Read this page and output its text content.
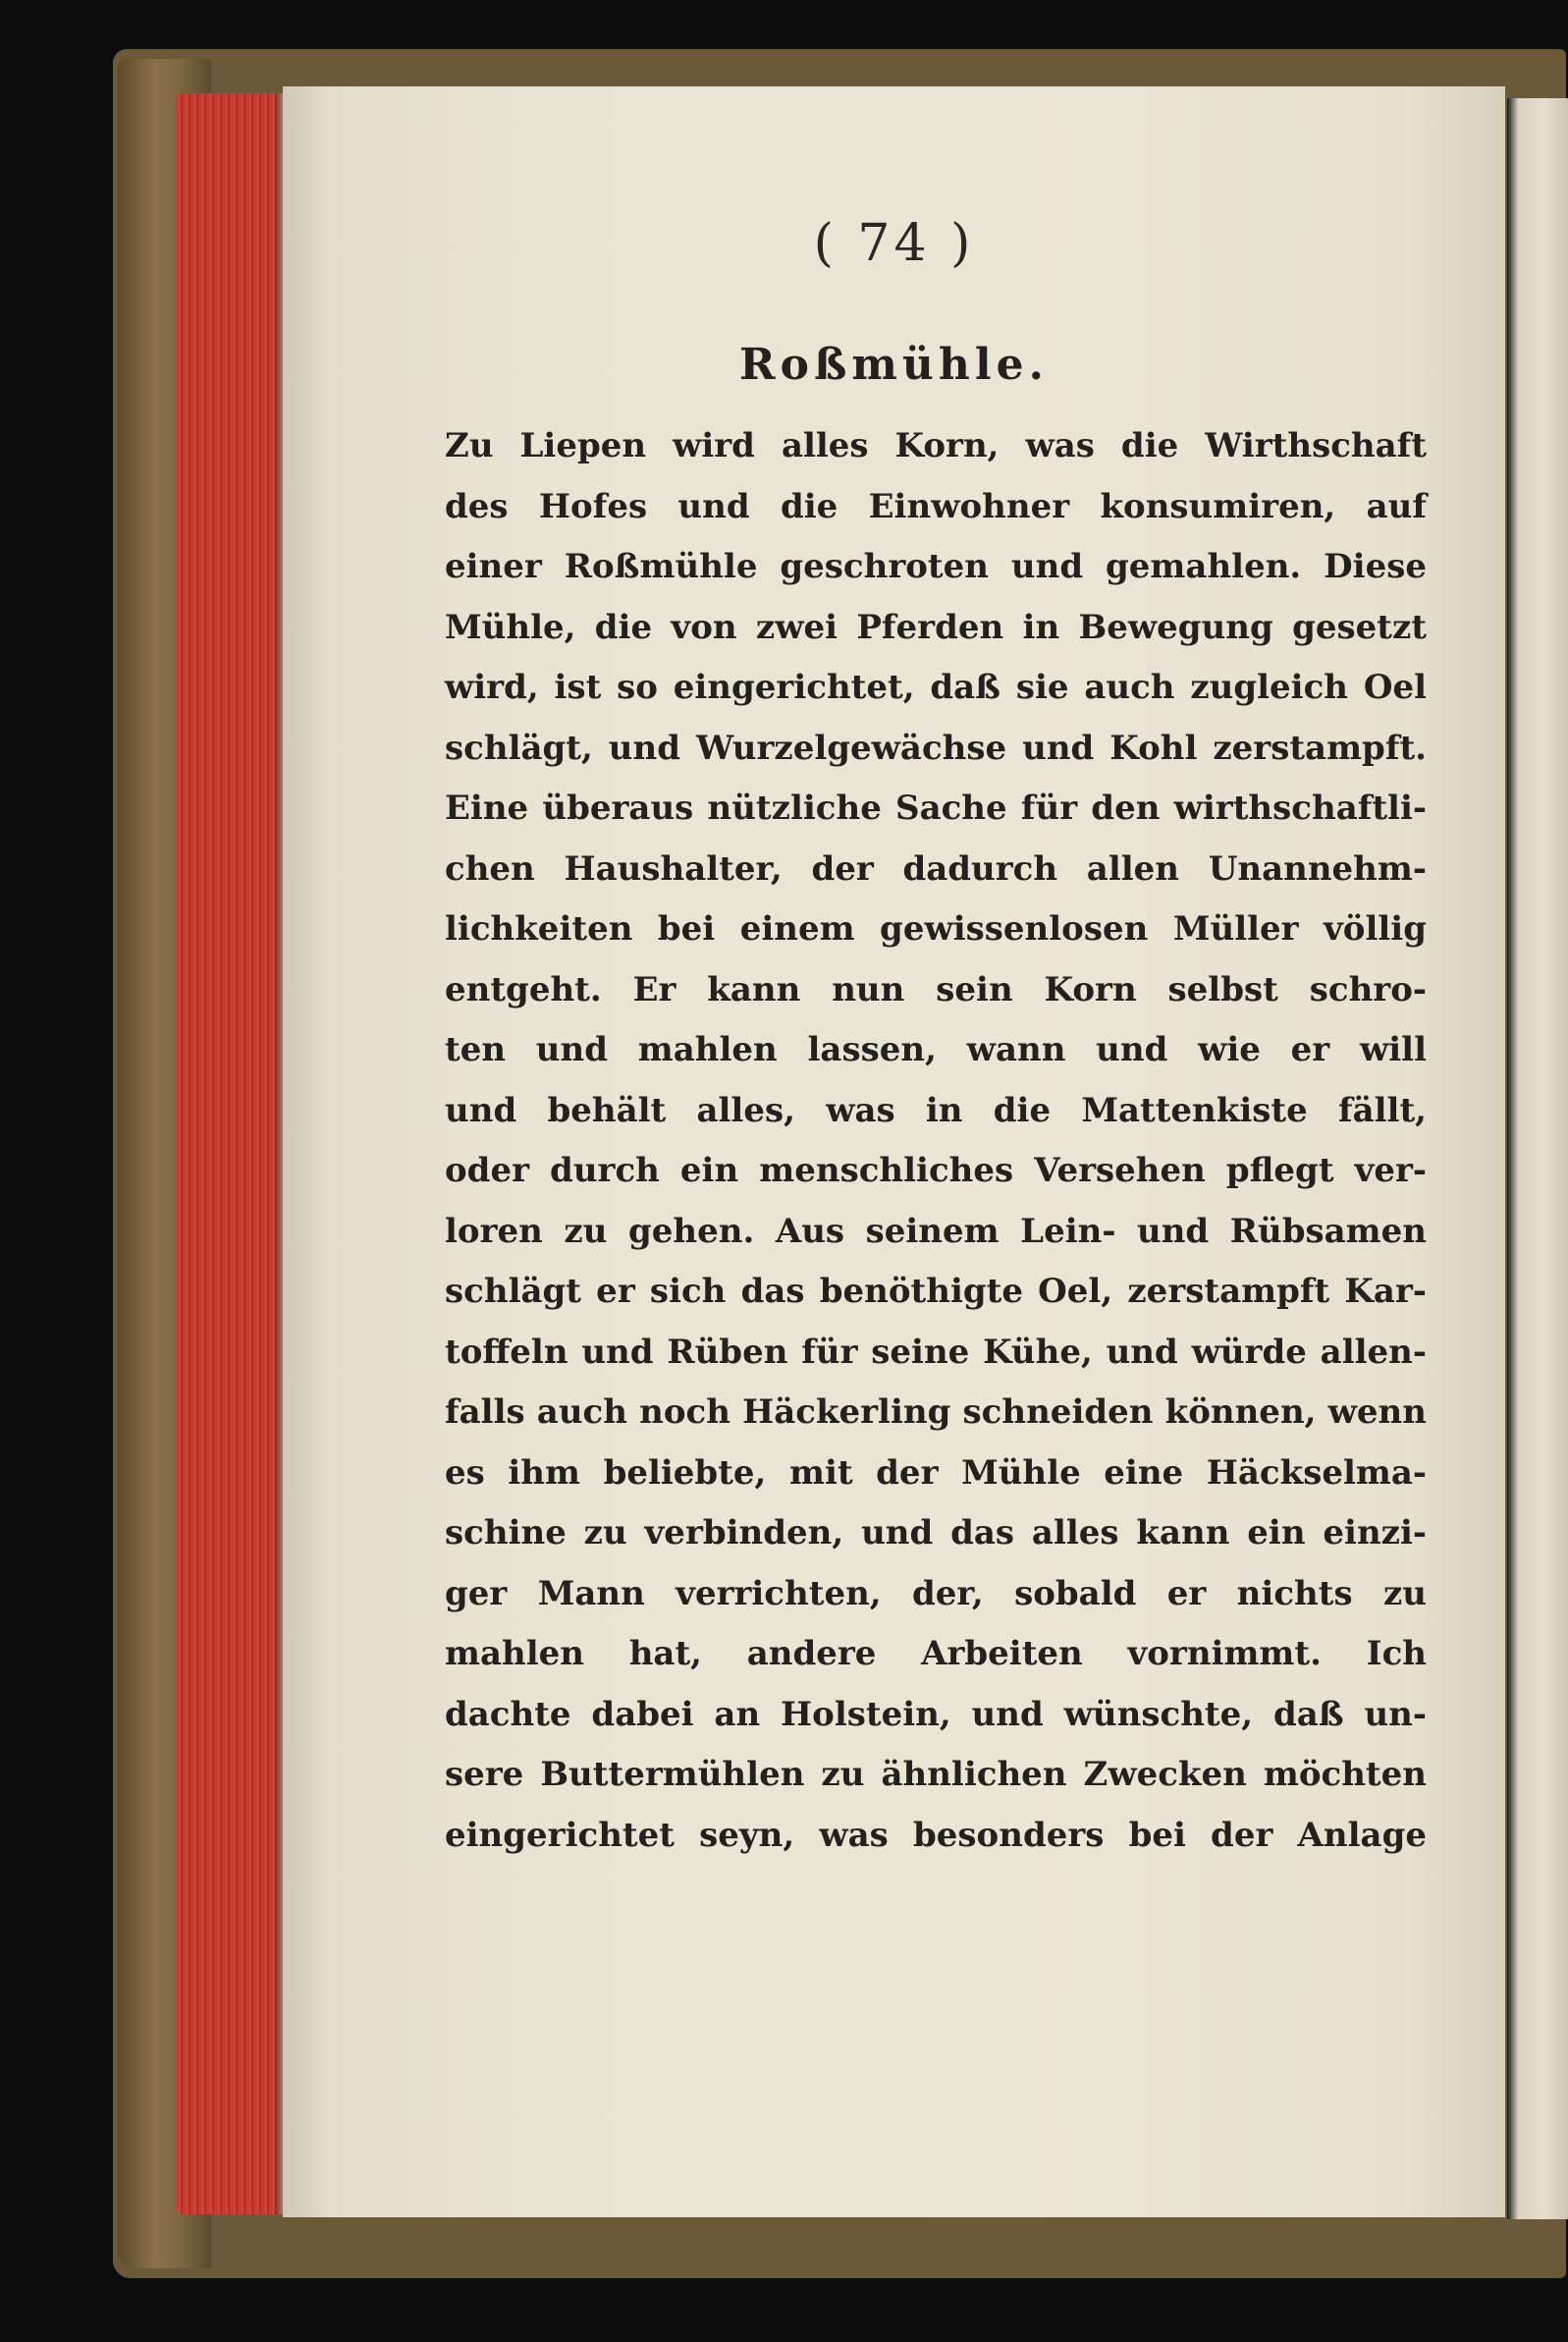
( 74 )
Roßmühle.
Zu Liepen wird alles Korn, was die Wirthschaft
des Hofes und die Einwohner konsumiren, auf
einer Roßmühle geschroten und gemahlen. Diese
Mühle, die von zwei Pferden in Bewegung gesetzt
wird, ist so eingerichtet, daß sie auch zugleich Oel
schlägt, und Wurzelgewächse und Kohl zerstampft.
Eine überaus nützliche Sache für den wirthschaftli-
chen Haushalter, der dadurch allen Unannehm-
lichkeiten bei einem gewissenlosen Müller völlig
entgeht. Er kann nun sein Korn selbst schro-
ten und mahlen lassen, wann und wie er will
und behält alles, was in die Mattenkiste fällt,
oder durch ein menschliches Versehen pflegt ver-
loren zu gehen. Aus seinem Lein- und Rübsamen
schlägt er sich das benöthigte Oel, zerstampft Kar-
toffeln und Rüben für seine Kühe, und würde allen-
falls auch noch Häckerling schneiden können, wenn
es ihm beliebte, mit der Mühle eine Häckselma-
schine zu verbinden, und das alles kann ein einzi-
ger Mann verrichten, der, sobald er nichts zu
mahlen hat, andere Arbeiten vornimmt. Ich
dachte dabei an Holstein, und wünschte, daß un-
sere Buttermühlen zu ähnlichen Zwecken möchten
eingerichtet seyn, was besonders bei der Anlage
